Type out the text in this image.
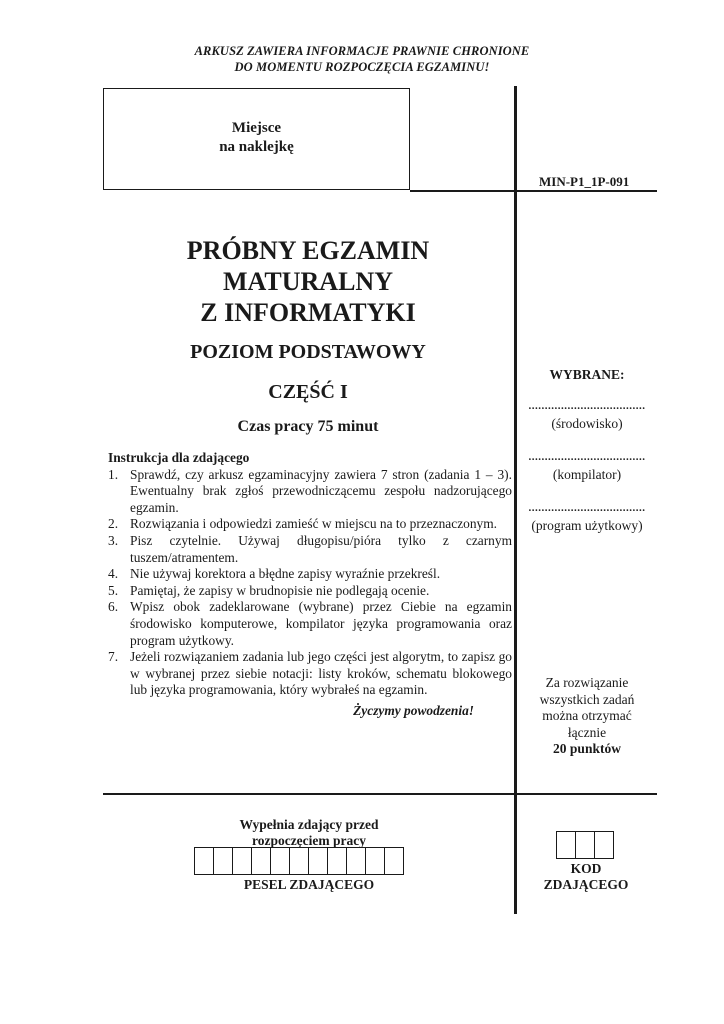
ARKUSZ ZAWIERA INFORMACJE PRAWNIE CHRONIONE
DO MOMENTU ROZPOCZĘCIA EGZAMINU!
Miejsce
na naklejkę
MIN-P1_1P-091
PRÓBNY EGZAMIN
MATURALNY
Z INFORMATYKI
POZIOM PODSTAWOWY
CZĘŚĆ I
Czas pracy 75 minut
Instrukcja dla zdającego
1. Sprawdź, czy arkusz egzaminacyjny zawiera 7 stron (zadania 1 – 3). Ewentualny brak zgłoś przewodniczącemu zespołu nadzorującego egzamin.
2. Rozwiązania i odpowiedzi zamieść w miejscu na to przeznaczonym.
3. Pisz czytelnie. Używaj długopisu/pióra tylko z czarnym tuszem/atramentem.
4. Nie używaj korektora a błędne zapisy wyraźnie przekreśl.
5. Pamiętaj, że zapisy w brudnopisie nie podlegają ocenie.
6. Wpisz obok zadeklarowane (wybrane) przez Ciebie na egzamin środowisko komputerowe, kompilator języka programowania oraz program użytkowy.
7. Jeżeli rozwiązaniem zadania lub jego części jest algorytm, to zapisz go w wybranej przez siebie notacji: listy kroków, schematu blokowego lub języka programowania, który wybrałeś na egzamin.
Życzymy powodzenia!
WYBRANE:
....................................
(środowisko)
....................................
(kompilator)
....................................
(program użytkowy)
Za rozwiązanie
wszystkich zadań
można otrzymać
łącznie
20 punktów
Wypełnia zdający przed
rozpoczęciem pracy
PESEL ZDAJĄCEGO
KOD
ZDAJĄCEGO
